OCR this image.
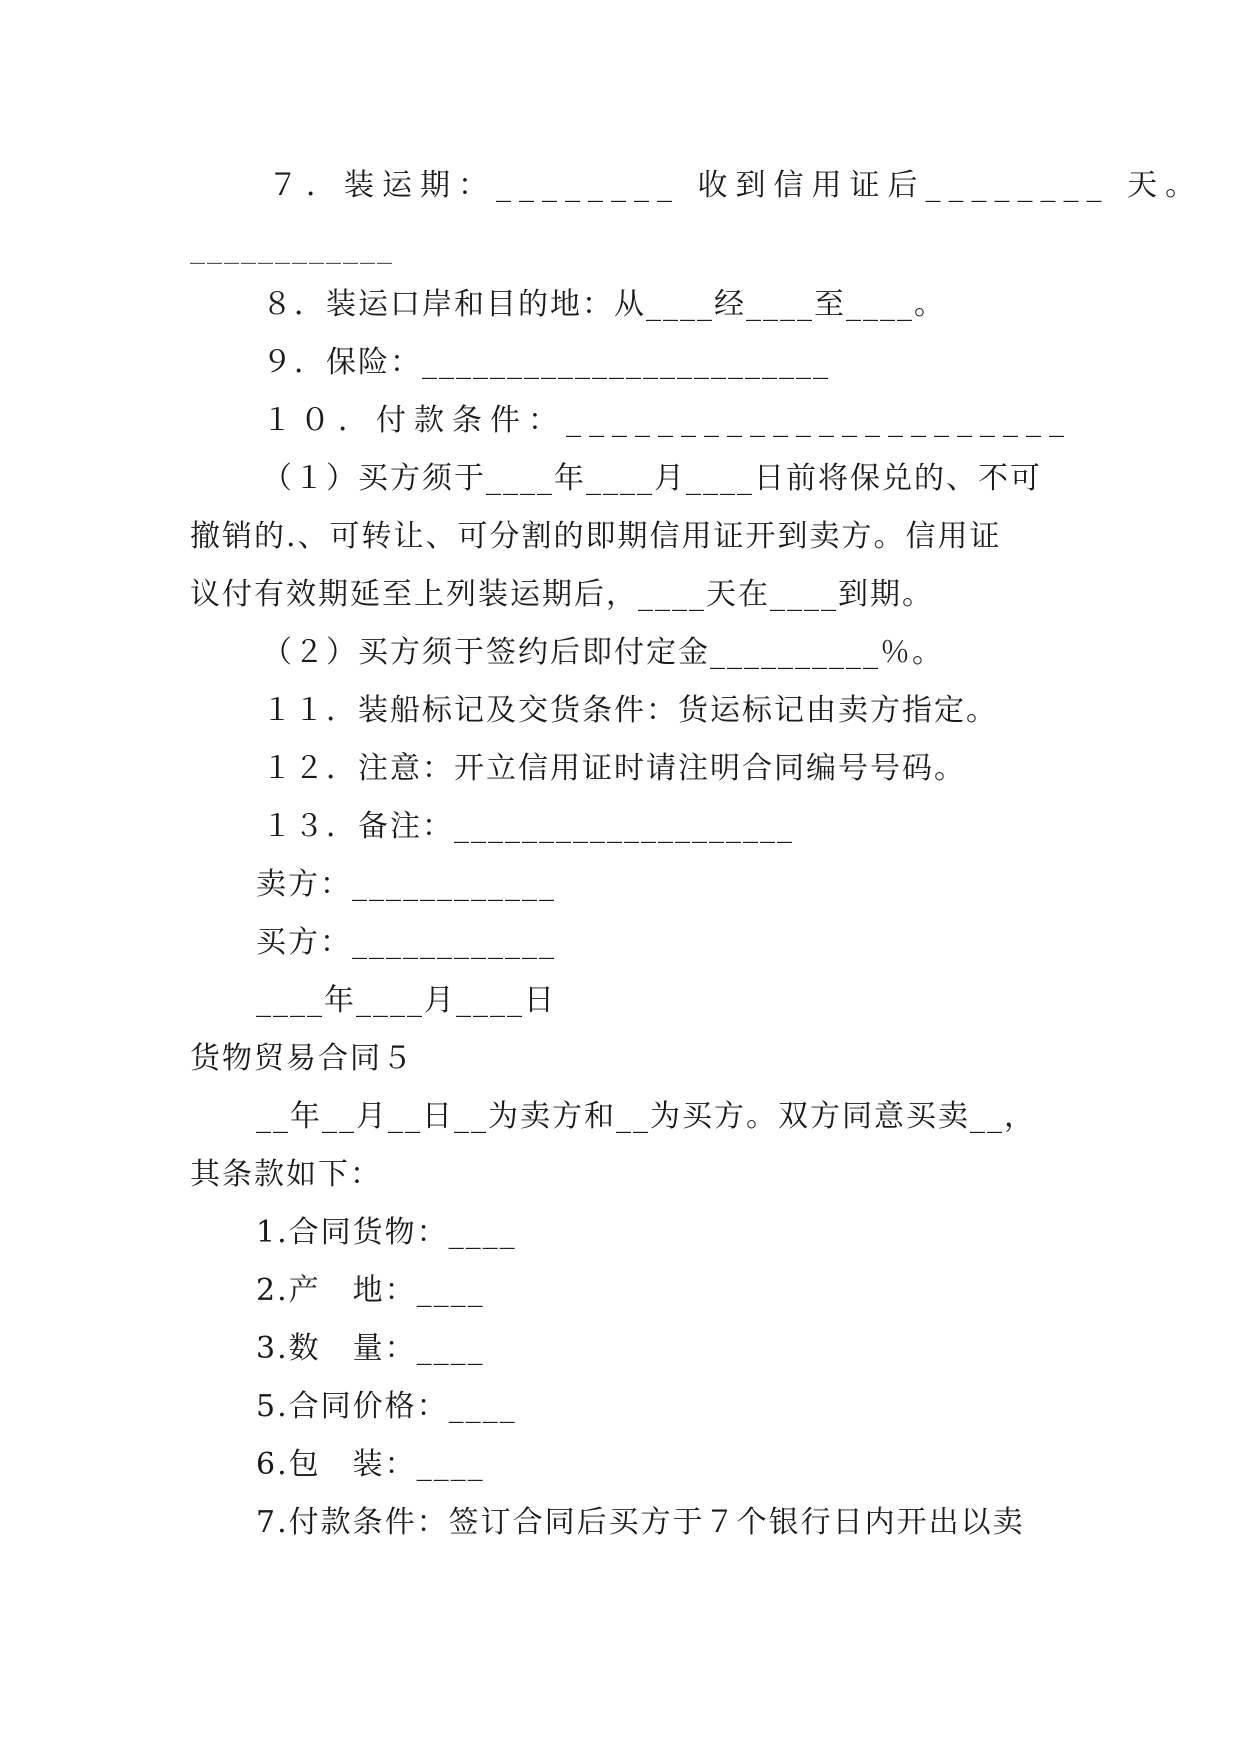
７．装运期：________ 收到信用证后________ 天。

____________

８．装运口岸和目的地：从____经____至____。

９．保险：________________________

１０．付款条件：______________________

（１）买方须于____年____月____日前将保兑的、不可

撤销的.、可转让、可分割的即期信用证开到卖方。信用证

议付有效期延至上列装运期后，____天在____到期。

（２）买方须于签约后即付定金__________％。

１１．装船标记及交货条件：货运标记由卖方指定。

１２．注意：开立信用证时请注明合同编号号码。

１３．备注：____________________

卖方：____________

买方：____________

____年____月____日

货物贸易合同５

__年__月__日__为卖方和__为买方。双方同意买卖__，

其条款如下：

1.合同货物：____

2.产　地：____

3.数　量：____

5.合同价格：____

6.包　装：____

7.付款条件：签订合同后买方于７个银行日内开出以卖
